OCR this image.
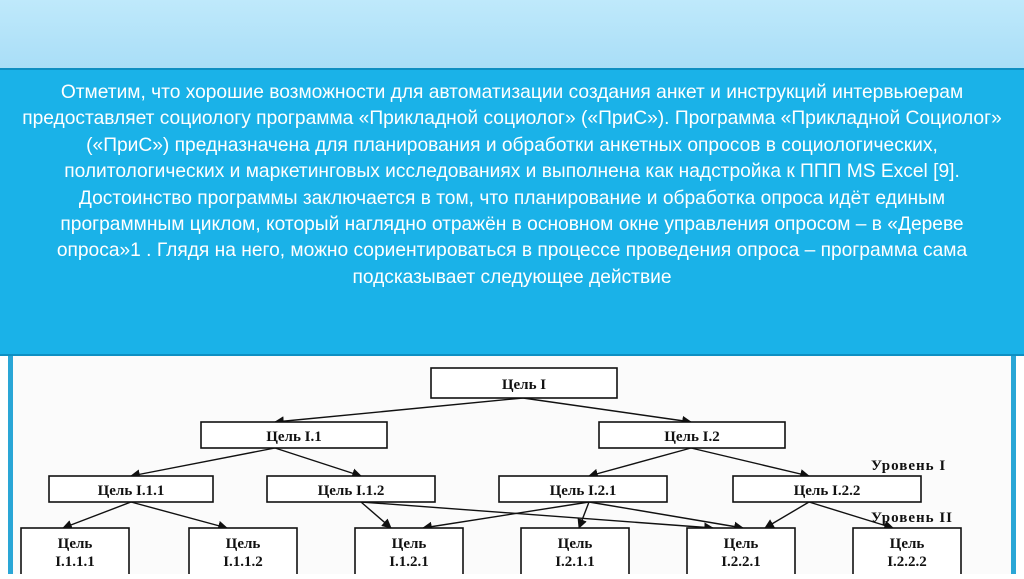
Отметим, что хорошие возможности для автоматизации создания анкет и инструкций интервьюерам предоставляет социологу программа «Прикладной социолог» («ПриС»). Программа «Прикладной Социолог» («ПриС») предназначена для планирования и обработки анкетных опросов в социологических, политологических и маркетинговых исследованиях и выполнена как надстройка к ППП MS Excel [9]. Достоинство программы заключается в том, что планирование и обработка опроса идёт единым программным циклом, который наглядно отражён в основном окне управления опросом – в «Дереве опроса»1 . Глядя на него, можно сориентироваться в процессе проведения опроса – программа сама подсказывает следующее действие

Уровень I
Уровень II
Цель I
Цель I.1	Цель I.2
Цель I.1.1	Цель I.1.2	Цель I.2.1	Цель I.2.2
Цель
I.1.1.1
Цель
I.1.1.2
Цель
I.1.2.1
Цель
I.2.1.1
Цель
I.2.2.1
Цель
I.2.2.2
